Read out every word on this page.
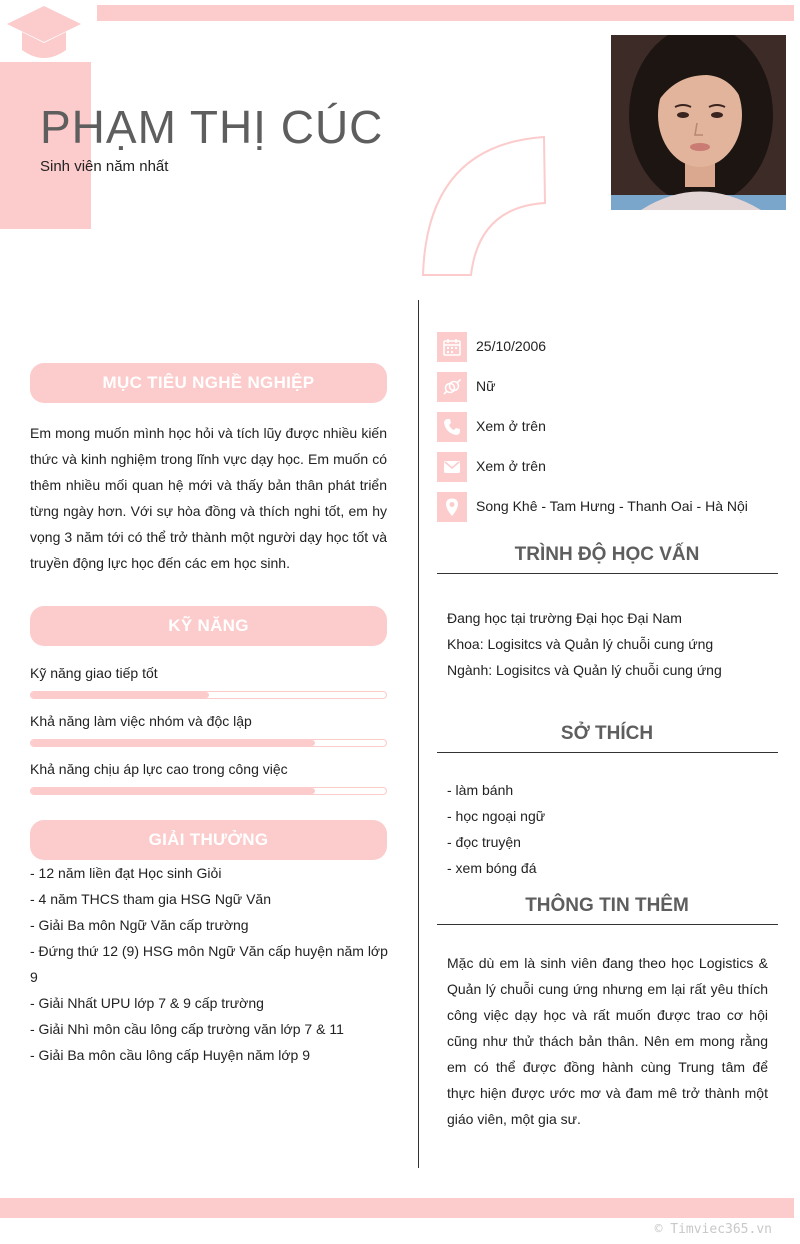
PHẠM THỊ CÚC
Sinh viên năm nhất
MỤC TIÊU NGHỀ NGHIỆP
Em mong muốn mình học hỏi và tích lũy được nhiều kiến thức và kinh nghiệm trong lĩnh vực dạy học. Em muốn có thêm nhiều mối quan hệ mới và thấy bản thân phát triển từng ngày hơn. Với sự hòa đồng và thích nghi tốt, em hy vọng 3 năm tới có thể trở thành một người dạy học tốt và truyền động lực học đến các em học sinh.
KỸ NĂNG
Kỹ năng giao tiếp tốt
Khả năng làm việc nhóm và độc lập
Khả năng chịu áp lực cao trong công việc
GIẢI THƯỞNG
- 12 năm liền đạt Học sinh Giỏi
- 4 năm THCS tham gia HSG Ngữ Văn
- Giải Ba môn Ngữ Văn cấp trường
- Đứng thứ 12 (9) HSG môn Ngữ Văn cấp huyện năm lớp 9
- Giải Nhất UPU lớp 7 & 9 cấp trường
- Giải Nhì môn cầu lông cấp trường văn lớp 7 & 11
- Giải Ba môn cầu lông cấp Huyện năm lớp 9
25/10/2006
Nữ
Xem ở trên
Xem ở trên
Song Khê - Tam Hưng - Thanh Oai - Hà Nội
TRÌNH ĐỘ HỌC VẤN
Đang học tại trường Đại học Đại Nam
Khoa: Logisitcs và Quản lý chuỗi cung ứng
Ngành: Logisitcs và Quản lý chuỗi cung ứng
SỞ THÍCH
- làm bánh
- học ngoại ngữ
- đọc truyện
- xem bóng đá
THÔNG TIN THÊM
Mặc dù em là sinh viên đang theo học Logistics & Quản lý chuỗi cung ứng nhưng em lại rất yêu thích công việc dạy học và rất muốn được trao cơ hội cũng như thử thách bản thân. Nên em mong rằng em có thể được đồng hành cùng Trung tâm để thực hiện được ước mơ và đam mê trở thành một giáo viên, một gia sư.
© Timviec365.vn
